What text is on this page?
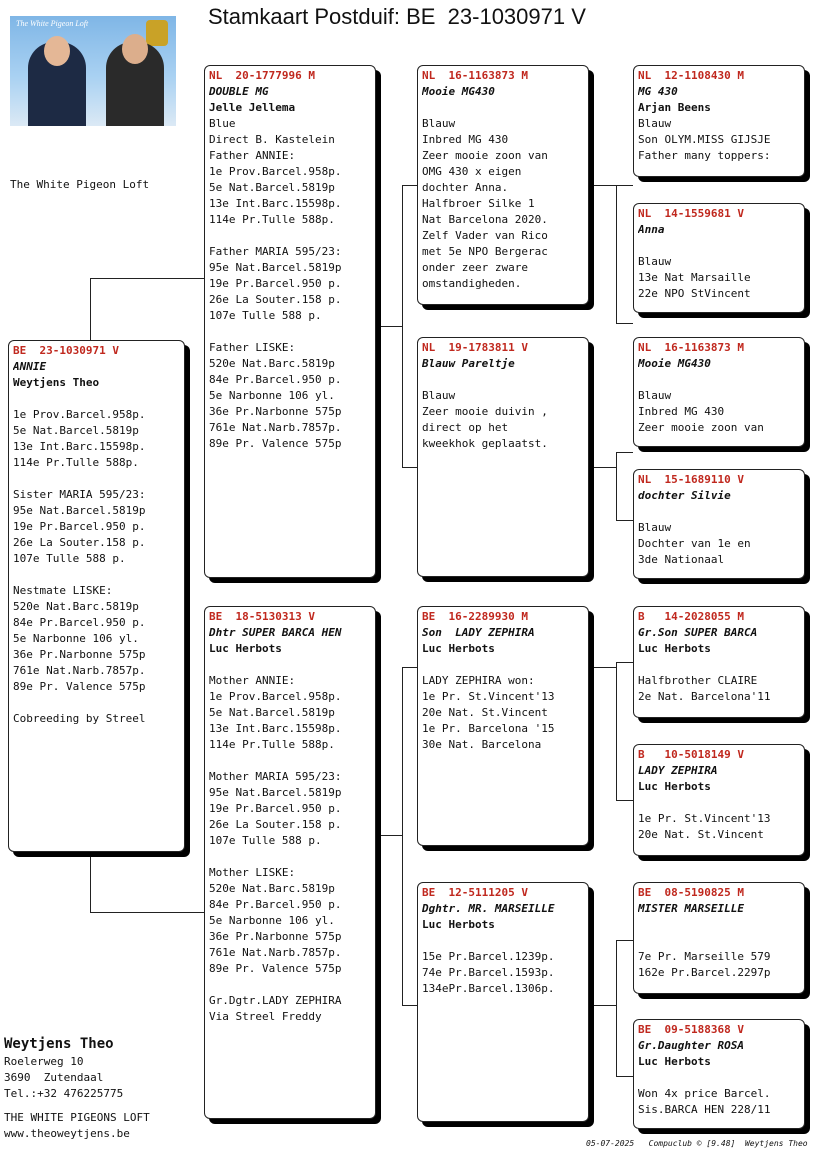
Stamkaart Postduif: BE  23-1030971 V
The White Pigeon Loft
The White Pigeon Loft
BE  23-1030971 V
ANNIE
Weytjens Theo
1e Prov.Barcel.958p.
5e Nat.Barcel.5819p
13e Int.Barc.15598p.
114e Pr.Tulle 588p.
Sister MARIA 595/23:
95e Nat.Barcel.5819p
19e Pr.Barcel.950 p.
26e La Souter.158 p.
107e Tulle 588 p.
Nestmate LISKE:
520e Nat.Barc.5819p
84e Pr.Barcel.950 p.
5e Narbonne 106 yl.
36e Pr.Narbonne 575p
761e Nat.Narb.7857p.
89e Pr. Valence 575p
Cobreeding by Streel
NL  20-1777996 M
DOUBLE MG
Jelle Jellema
Blue
Direct B. Kastelein
Father ANNIE:
1e Prov.Barcel.958p.
5e Nat.Barcel.5819p
13e Int.Barc.15598p.
114e Pr.Tulle 588p.
Father MARIA 595/23:
95e Nat.Barcel.5819p
19e Pr.Barcel.950 p.
26e La Souter.158 p.
107e Tulle 588 p.
Father LISKE:
520e Nat.Barc.5819p
84e Pr.Barcel.950 p.
5e Narbonne 106 yl.
36e Pr.Narbonne 575p
761e Nat.Narb.7857p.
89e Pr. Valence 575p
BE  18-5130313 V
Dhtr SUPER BARCA HEN
Luc Herbots
Mother ANNIE:
1e Prov.Barcel.958p.
5e Nat.Barcel.5819p
13e Int.Barc.15598p.
114e Pr.Tulle 588p.
Mother MARIA 595/23:
95e Nat.Barcel.5819p
19e Pr.Barcel.950 p.
26e La Souter.158 p.
107e Tulle 588 p.
Mother LISKE:
520e Nat.Barc.5819p
84e Pr.Barcel.950 p.
5e Narbonne 106 yl.
36e Pr.Narbonne 575p
761e Nat.Narb.7857p.
89e Pr. Valence 575p
Gr.Dgtr.LADY ZEPHIRA
Via Streel Freddy
NL  16-1163873 M
Mooie MG430
Blauw
Inbred MG 430
Zeer mooie zoon van
OMG 430 x eigen
dochter Anna.
Halfbroer Silke 1
Nat Barcelona 2020.
Zelf Vader van Rico
met 5e NPO Bergerac
onder zeer zware
omstandigheden.
NL  19-1783811 V
Blauw Pareltje
Blauw
Zeer mooie duivin ,
direct op het
kweekhok geplaatst.
BE  16-2289930 M
Son  LADY ZEPHIRA
Luc Herbots
LADY ZEPHIRA won:
1e Pr. St.Vincent'13
20e Nat. St.Vincent
1e Pr. Barcelona '15
30e Nat. Barcelona
BE  12-5111205 V
Dghtr. MR. MARSEILLE
Luc Herbots
15e Pr.Barcel.1239p.
74e Pr.Barcel.1593p.
134ePr.Barcel.1306p.
NL  12-1108430 M
MG 430
Arjan Beens
Blauw
Son OLYM.MISS GIJSJE
Father many toppers:
NL  14-1559681 V
Anna
Blauw
13e Nat Marsaille
22e NPO StVincent
NL  16-1163873 M
Mooie MG430
Blauw
Inbred MG 430
Zeer mooie zoon van
NL  15-1689110 V
dochter Silvie
Blauw
Dochter van 1e en
3de Nationaal
B   14-2028055 M
Gr.Son SUPER BARCA
Luc Herbots
Halfbrother CLAIRE
2e Nat. Barcelona'11
B   10-5018149 V
LADY ZEPHIRA
Luc Herbots
1e Pr. St.Vincent'13
20e Nat. St.Vincent
BE  08-5190825 M
MISTER MARSEILLE
7e Pr. Marseille 579
162e Pr.Barcel.2297p
BE  09-5188368 V
Gr.Daughter ROSA
Luc Herbots
Won 4x price Barcel.
Sis.BARCA HEN 228/11
Weytjens Theo
Roelerweg 10
3690  Zutendaal
Tel.:+32 476225775
THE WHITE PIGEONS LOFT
www.theoweytjens.be
05-07-2025 Compuclub © [9.48] Weytjens Theo
